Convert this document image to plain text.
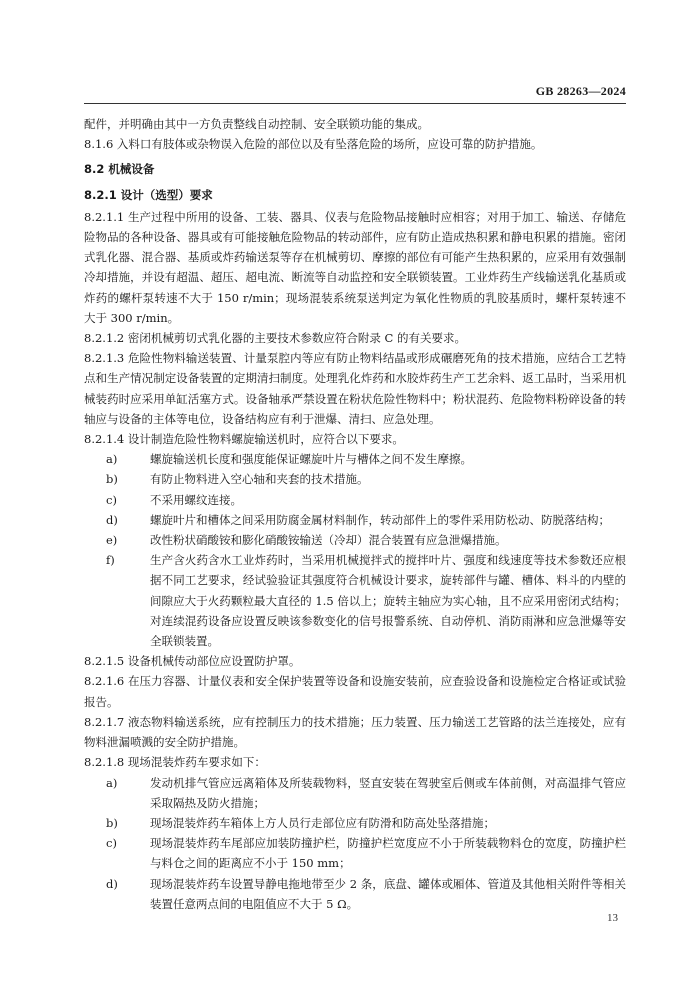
GB 28263—2024

配件，并明确由其中一方负责整线自动控制、安全联锁功能的集成。

8.1.6 入料口有肢体或杂物误入危险的部位以及有坠落危险的场所，应设可靠的防护措施。

8.2 机械设备
8.2.1 设计（选型）要求

8.2.1.1 生产过程中所用的设备、工装、器具、仪表与危险物品接触时应相容；对用于加工、输送、存储危险物品的各种设备、器具或有可能接触危险物品的转动部件，应有防止造成热积累和静电积累的措施。密闭式乳化器、混合器、基质或炸药输送泵等存在机械剪切、摩擦的部位有可能产生热积累的，应采用有效强制冷却措施，并设有超温、超压、超电流、断流等自动监控和安全联锁装置。工业炸药生产线输送乳化基质或炸药的螺杆泵转速不大于 150 r/min；现场混装系统泵送判定为氧化性物质的乳胶基质时，螺杆泵转速不大于 300 r/min。

8.2.1.2 密闭机械剪切式乳化器的主要技术参数应符合附录 C 的有关要求。

8.2.1.3 危险性物料输送装置、计量泵腔内等应有防止物料结晶或形成碾磨死角的技术措施，应结合工艺特点和生产情况制定设备装置的定期清扫制度。处理乳化炸药和水胶炸药生产工艺余料、返工品时，当采用机械装药时应采用单缸活塞方式。设备轴承严禁设置在粉状危险性物料中；粉状混药、危险物料粉碎设备的转轴应与设备的主体等电位，设备结构应有利于泄爆、清扫、应急处理。

8.2.1.4 设计制造危险性物料螺旋输送机时，应符合以下要求。

a)	螺旋输送机长度和强度能保证螺旋叶片与槽体之间不发生摩擦。
b)	有防止物料进入空心轴和夹套的技术措施。
c)	不采用螺纹连接。
d)	螺旋叶片和槽体之间采用防腐金属材料制作，转动部件上的零件采用防松动、防脱落结构；
e)	改性粉状硝酸铵和膨化硝酸铵输送（冷却）混合装置有应急泄爆措施。
f)	生产含火药含水工业炸药时，当采用机械搅拌式的搅拌叶片、强度和线速度等技术参数还应根据不同工艺要求，经试验验证其强度符合机械设计要求，旋转部件与罐、槽体、料斗的内壁的间隙应大于火药颗粒最大直径的 1.5 倍以上；旋转主轴应为实心轴，且不应采用密闭式结构；对连续混药设备应设置反映该参数变化的信号报警系统、自动停机、消防雨淋和应急泄爆等安全联锁装置。

8.2.1.5 设备机械传动部位应设置防护罩。

8.2.1.6 在压力容器、计量仪表和安全保护装置等设备和设施安装前，应查验设备和设施检定合格证或试验报告。

8.2.1.7 液态物料输送系统，应有控制压力的技术措施；压力装置、压力输送工艺管路的法兰连接处，应有物料泄漏喷溅的安全防护措施。

8.2.1.8 现场混装炸药车要求如下：

a)	发动机排气管应远离箱体及所装载物料，竖直安装在驾驶室后侧或车体前侧，对高温排气管应采取隔热及防火措施；
b)	现场混装炸药车箱体上方人员行走部位应有防滑和防高处坠落措施；
c)	现场混装炸药车尾部应加装防撞护栏，防撞护栏宽度应不小于所装载物料仓的宽度，防撞护栏与料仓之间的距离应不小于 150 mm；
d)	现场混装炸药车设置导静电拖地带至少 2 条，底盘、罐体或厢体、管道及其他相关附件等相关装置任意两点间的电阻值应不大于 5 Ω。
13
